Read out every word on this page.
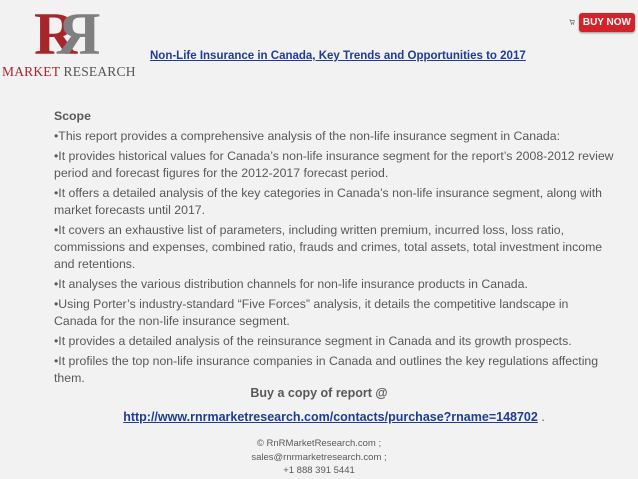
RR
MARKET RESEARCH
BUY NOW
Non-Life Insurance in Canada, Key Trends and Opportunities to 2017
Scope
•This report provides a comprehensive analysis of the non-life insurance segment in Canada:
•It provides historical values for Canada’s non-life insurance segment for the report’s 2008-2012 review period and forecast figures for the 2012-2017 forecast period.
•It offers a detailed analysis of the key categories in Canada’s non-life insurance segment, along with market forecasts until 2017.
•It covers an exhaustive list of parameters, including written premium, incurred loss, loss ratio, commissions and expenses, combined ratio, frauds and crimes, total assets, total investment income and retentions.
•It analyses the various distribution channels for non-life insurance products in Canada.
•Using Porter’s industry-standard “Five Forces” analysis, it details the competitive landscape in Canada for the non-life insurance segment.
•It provides a detailed analysis of the reinsurance segment in Canada and its growth prospects.
•It profiles the top non-life insurance companies in Canada and outlines the key regulations affecting them.
Buy a copy of report @
http://www.rnrmarketresearch.com/contacts/purchase?rname=148702 .
© RnRMarketResearch.com ;
sales@rnrmarketresearch.com ;
+1 888 391 5441
